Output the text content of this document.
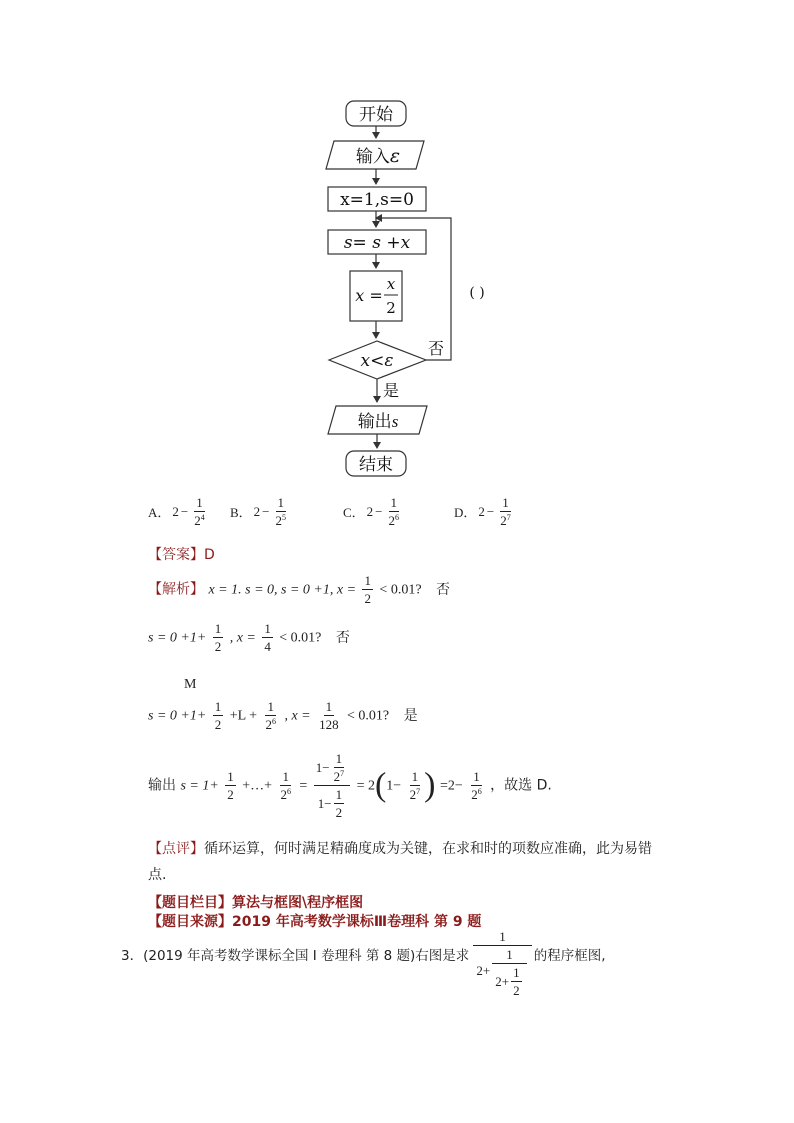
开始
输入ε
x=1,s=0
s= s +x
x =
x
2
x<ε
否
是
输出s
结束
( )
A． $2 - \frac{1}{2^4}$ B． $2 - \frac{1}{2^5}$	C． $2 - \frac{1}{2^6}$	D． $2 - \frac{1}{2^7}$
【答案】D
【解析】 x = 1. s = 0, s = 0 +1, $x = \frac{1}{2} < 0.01$? 否
$s = 0 +1+ \frac{1}{2}$ , $x = \frac{1}{4} < 0.01$? 否
M
$s = 0 +1+ \frac{1}{2} +L + \frac{1}{2^6}$ , $x = \frac{1}{128} < 0.01$? 是
输出 $s = 1+ \frac{1}{2}$ +…+ $\frac{1}{2^6} = \frac{1- \frac{1}{2^7}}{1- \frac{1}{2}} = 2(1- \frac{1}{2^7}$ ) $=2- \frac{1}{2^6}$ ，故选 D.
【点评】循环运算，何时满足精确度成为关键，在求和时的项数应准确，此为易错
点.
【题目栏目】算法与框图\程序框图
【题目来源】2019 年高考数学课标Ⅲ卷理科 第 9 题
3．(2019 年高考数学课标全国 I 卷理科 第 8 题)右图是求 $\frac{1}{2+ \frac{1}{2+ \frac{1}{2}}}$ 的程序框图,
